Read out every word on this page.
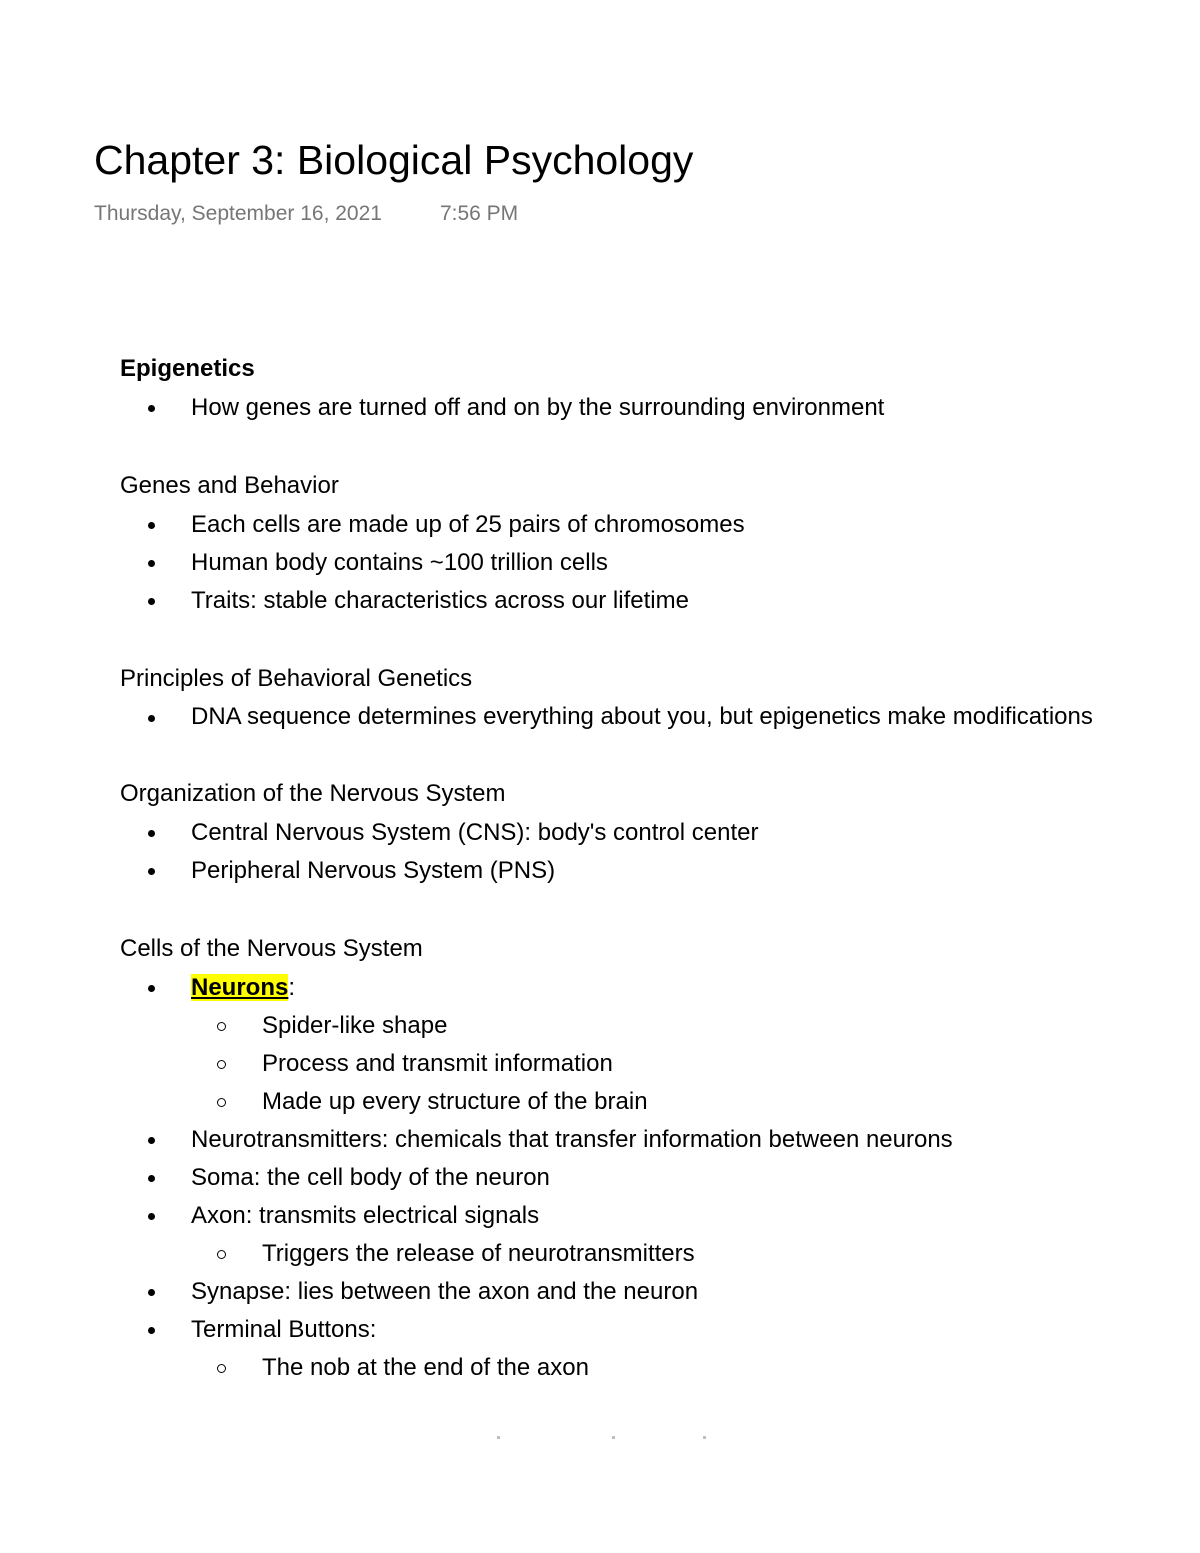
Chapter 3: Biological Psychology
Thursday, September 16, 2021	7:56 PM

Epigenetics

How genes are turned off and on by the surrounding environment

Genes and Behavior

Each cells are made up of 25 pairs of chromosomes
Human body contains ~100 trillion cells
Traits: stable characteristics across our lifetime

Principles of Behavioral Genetics

DNA sequence determines everything about you, but epigenetics make modifications

Organization of the Nervous System

Central Nervous System (CNS): body's control center
Peripheral Nervous System (PNS)

Cells of the Nervous System

Neurons:
Spider-like shape
Process and transmit information
Made up every structure of the brain
Neurotransmitters: chemicals that transfer information between neurons
Soma: the cell body of the neuron
Axon: transmits electrical signals
Triggers the release of neurotransmitters
Synapse: lies between the axon and the neuron
Terminal Buttons:
The nob at the end of the axon
